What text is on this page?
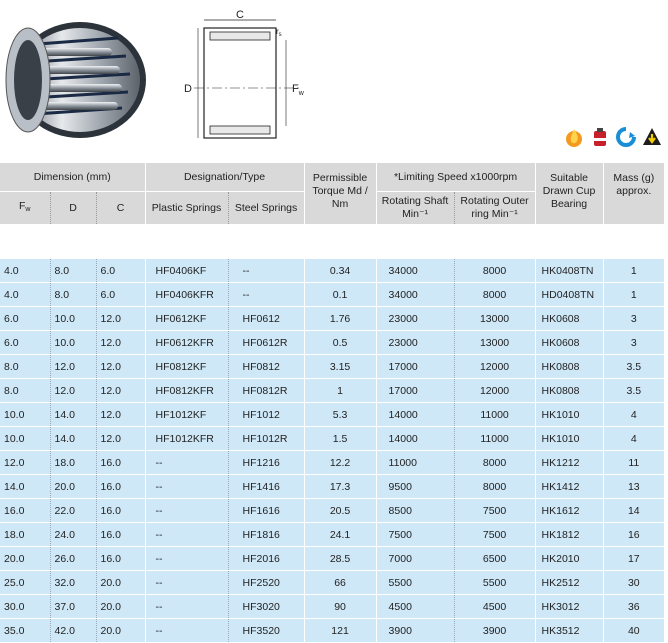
C
$r_s$
D	$F_w$
Dimension (mm)			Designation/Type		Permissible Torque Md / Nm	*Limiting Speed x1000rpm		Suitable Drawn Cup Bearing	Mass (g) approx.
$F_w$	D	C	Plastic Springs	Steel Springs		Rotating Shaft Min⁻¹	Rotating Outer ring Min⁻¹		

4.0	8.0	6.0	HF0406KF	--	0.34	34000	8000	HK0408TN	1
4.0	8.0	6.0	HF0406KFR	--	0.1	34000	8000	HD0408TN	1
6.0	10.0	12.0	HF0612KF	HF0612	1.76	23000	13000	HK0608	3
6.0	10.0	12.0	HF0612KFR	HF0612R	0.5	23000	13000	HK0608	3
8.0	12.0	12.0	HF0812KF	HF0812	3.15	17000	12000	HK0808	3.5
8.0	12.0	12.0	HF0812KFR	HF0812R	1	17000	12000	HK0808	3.5
10.0	14.0	12.0	HF1012KF	HF1012	5.3	14000	11000	HK1010	4
10.0	14.0	12.0	HF1012KFR	HF1012R	1.5	14000	11000	HK1010	4
12.0	18.0	16.0	--	HF1216	12.2	11000	8000	HK1212	11
14.0	20.0	16.0	--	HF1416	17.3	9500	8000	HK1412	13
16.0	22.0	16.0	--	HF1616	20.5	8500	7500	HK1612	14
18.0	24.0	16.0	--	HF1816	24.1	7500	7500	HK1812	16
20.0	26.0	16.0	--	HF2016	28.5	7000	6500	HK2010	17
25.0	32.0	20.0	--	HF2520	66	5500	5500	HK2512	30
30.0	37.0	20.0	--	HF3020	90	4500	4500	HK3012	36
35.0	42.0	20.0	--	HF3520	121	3900	3900	HK3512	40
